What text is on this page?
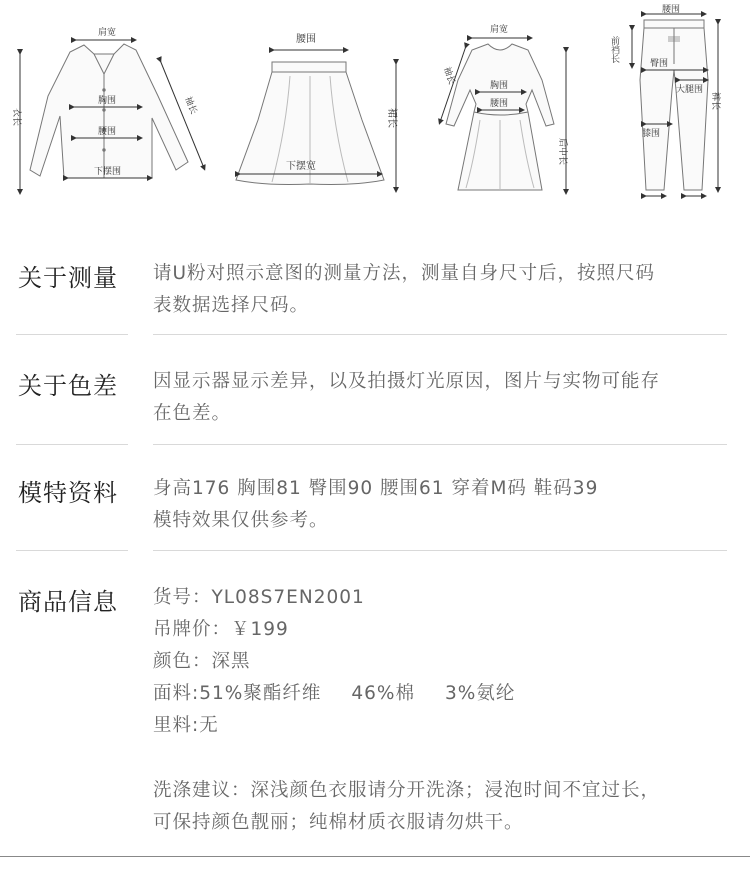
肩宽
胸围
腰围
下摆围
袖长
衣长
腰围
下摆宽
裙长
肩宽
袖长	胸围
腰围
后中长
腰围
前裆长
臀围
大腿围
膝围
裤长
关于测量 请U粉对照示意图的测量方法，测量自身尺寸后，按照尺码
表数据选择尺码。
关于色差 因显示器显示差异，以及拍摄灯光原因，图片与实物可能存
在色差。
模特资料 身高176 胸围81 臀围90 腰围61 穿着M码 鞋码39
模特效果仅供参考。
商品信息 货号：YL08S7EN2001
吊牌价：￥199
颜色：深黑
面料:51%聚酯纤维 46%棉 3%氨纶
里料:无
洗涤建议：深浅颜色衣服请分开洗涤；浸泡时间不宜过长，
可保持颜色靓丽；纯棉材质衣服请勿烘干。
